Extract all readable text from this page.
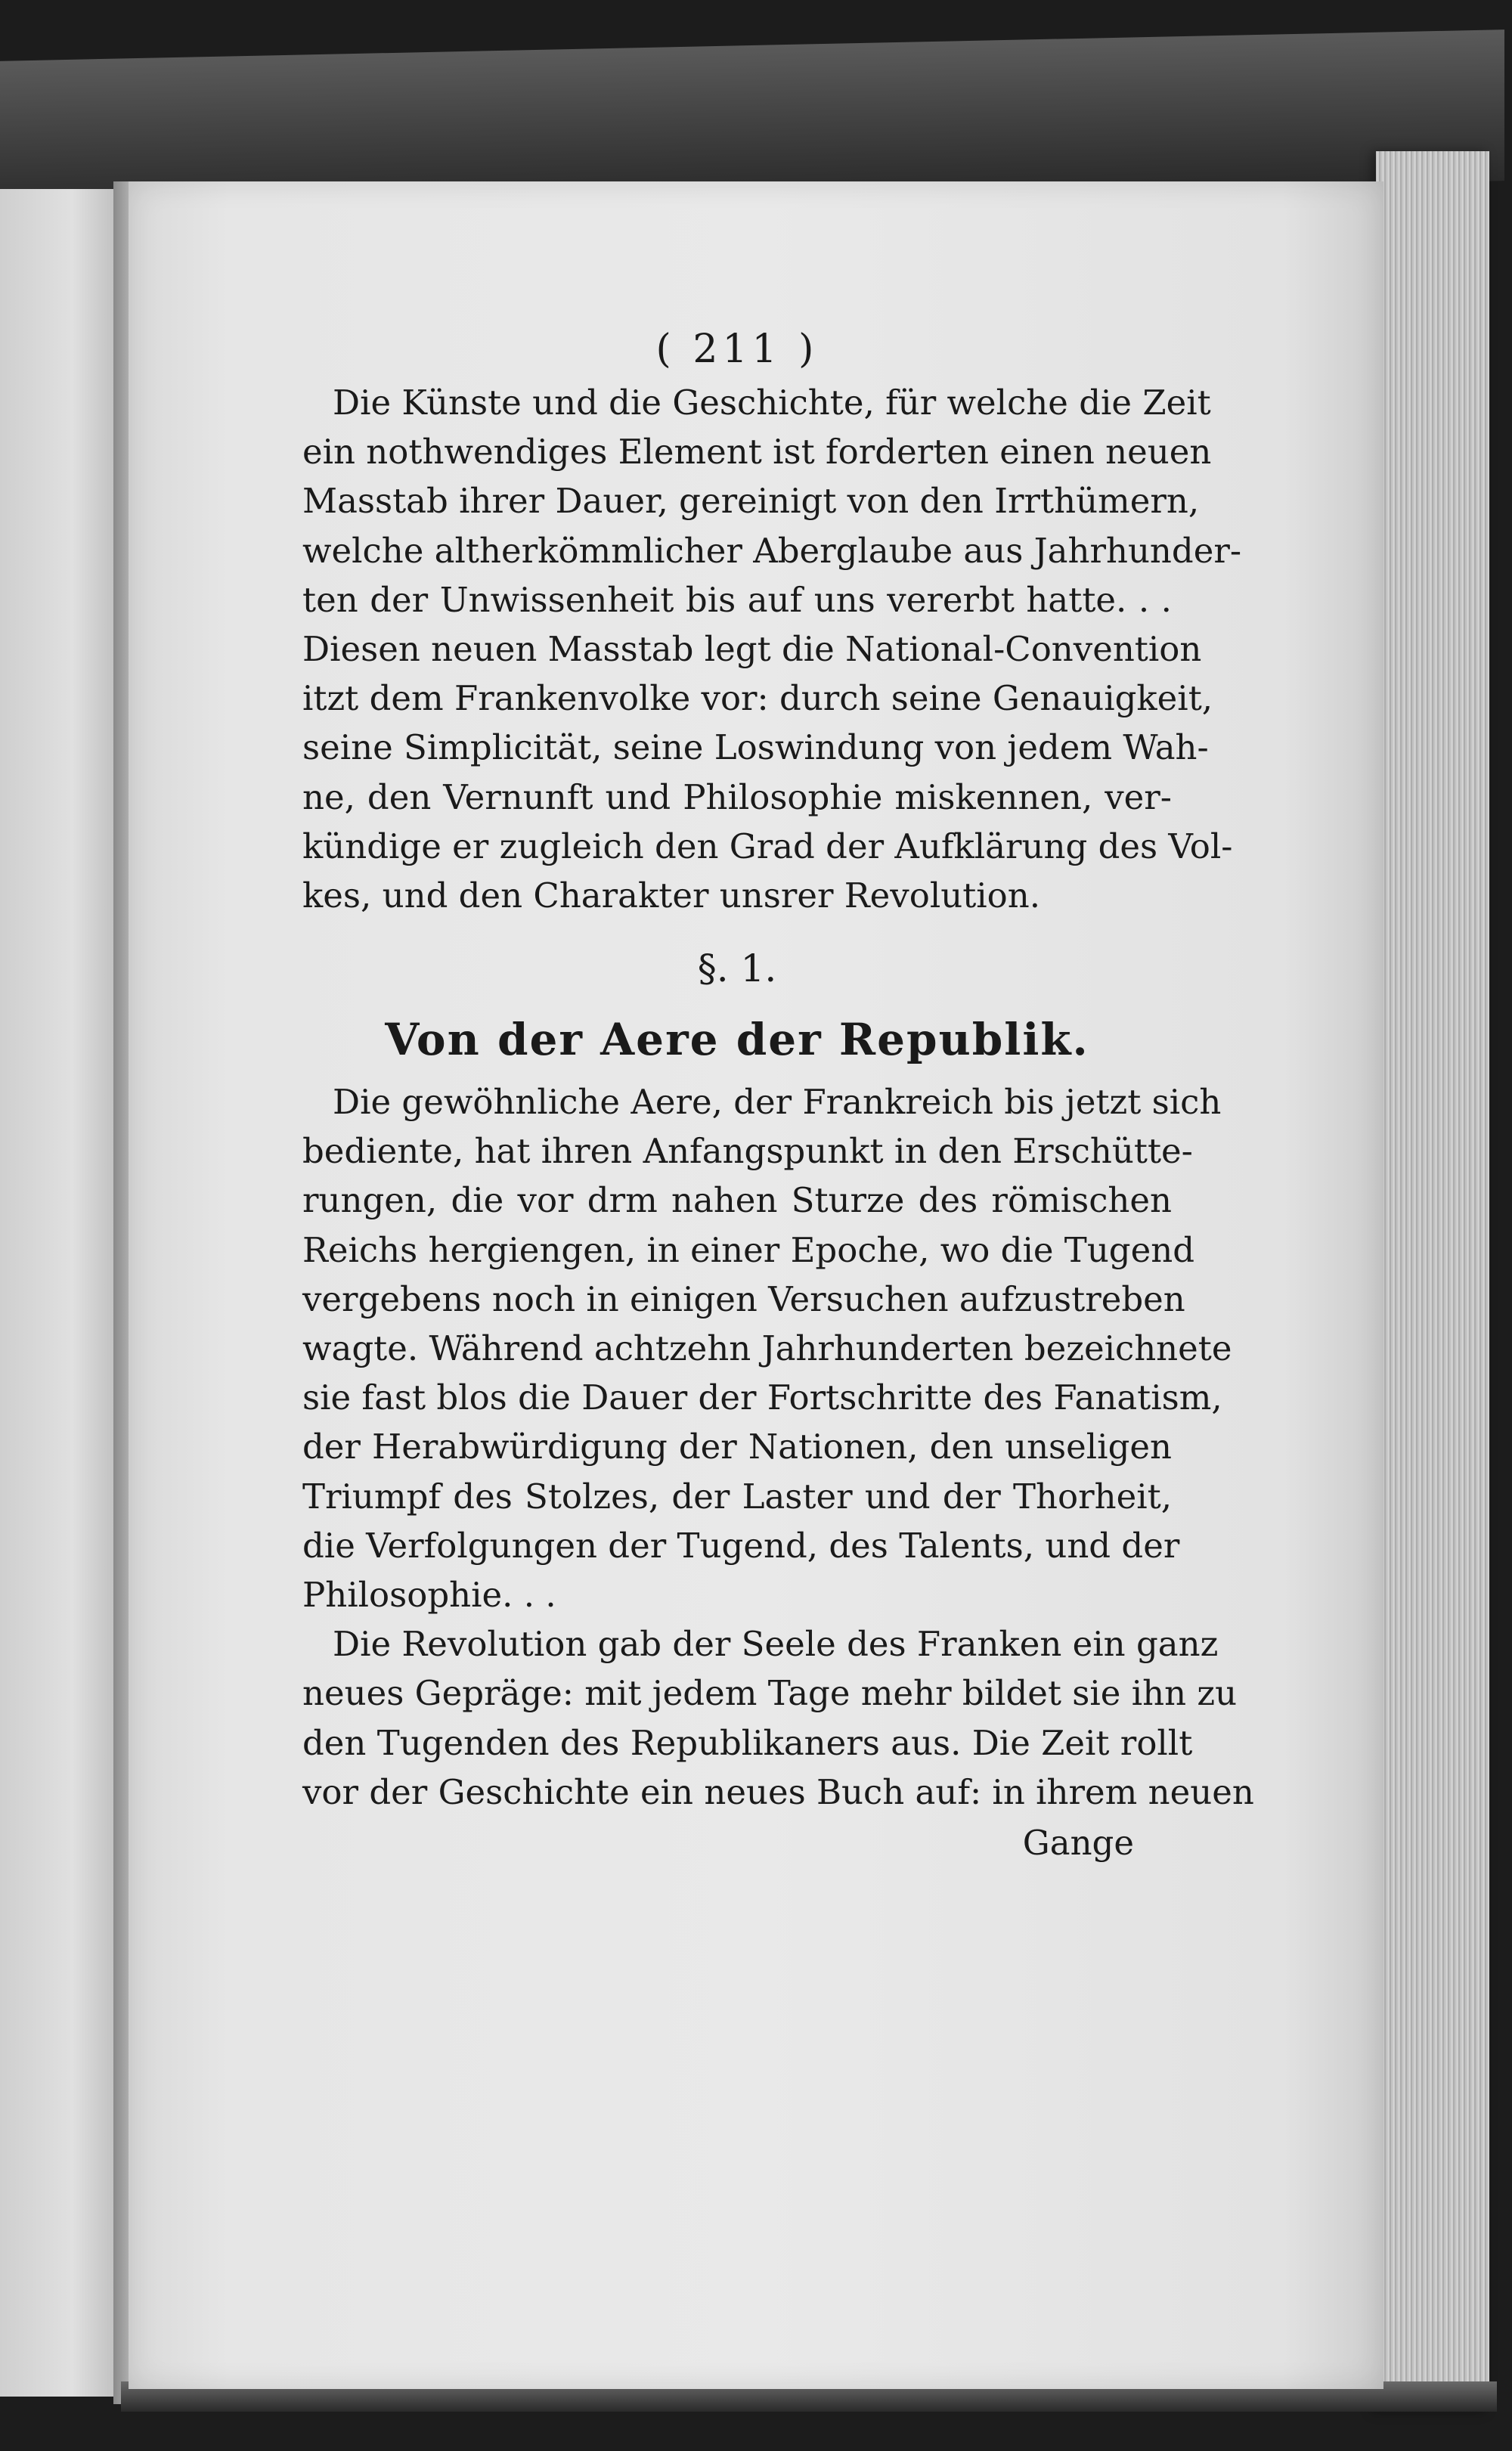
( 211 )
Die Künste und die Geschichte, für welche die Zeit
ein nothwendiges Element ist forderten einen neuen
Masstab ihrer Dauer, gereinigt von den Irrthümern,
welche altherkömmlicher Aberglaube aus Jahrhunder-
ten der Unwissenheit bis auf uns vererbt hatte. . .
Diesen neuen Masstab legt die National-Convention
itzt dem Frankenvolke vor: durch seine Genauigkeit,
seine Simplicität, seine Loswindung von jedem Wah-
ne, den Vernunft und Philosophie miskennen, ver-
kündige er zugleich den Grad der Aufklärung des Vol-
kes, und den Charakter unsrer Revolution.
§. 1.
Von der Aere der Republik.
Die gewöhnliche Aere, der Frankreich bis jetzt sich
bediente, hat ihren Anfangspunkt in den Erschütte-
rungen, die vor drm nahen Sturze des römischen
Reichs hergiengen, in einer Epoche, wo die Tugend
vergebens noch in einigen Versuchen aufzustreben
wagte. Während achtzehn Jahrhunderten bezeichnete
sie fast blos die Dauer der Fortschritte des Fanatism,
der Herabwürdigung der Nationen, den unseligen
Triumpf des Stolzes, der Laster und der Thorheit,
die Verfolgungen der Tugend, des Talents, und der
Philosophie. . .
Die Revolution gab der Seele des Franken ein ganz
neues Gepräge: mit jedem Tage mehr bildet sie ihn zu
den Tugenden des Republikaners aus. Die Zeit rollt
vor der Geschichte ein neues Buch auf: in ihrem neuen
Gange
